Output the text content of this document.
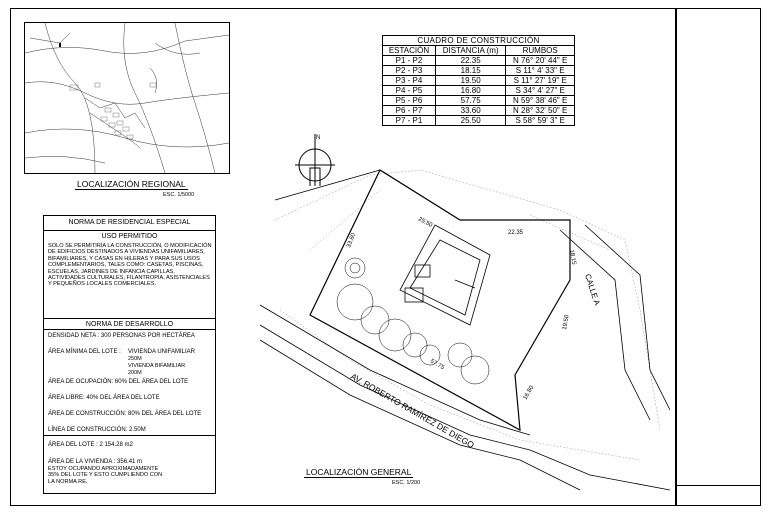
LOCALIZACIÓN REGIONAL
ESC. 1/5000
NORMA DE RESIDENCIAL ESPECIAL
USO PERMITIDO
SOLO SE PERMITIRÍA LA CONSTRUCCIÓN, O MODIFICACIÓN DE EDIFICIOS DESTINADOS A VIVIENDAS UNIFAMILIARES, BIFAMILIARES, Y CASAS EN HILERAS Y PARA SUS USOS COMPLEMENTARIOS, TALES COMO: CASETAS, PISCINAS, ESCUELAS, JARDINES DE INFANCIA CAPILLAS, ACTIVIDADES CULTURALES, FILANTROPIA, ASISTENCIALES Y PEQUEÑOS LOCALES COMERCIALES.
NORMA DE DESARROLLO
DENSIDAD NETA : 300 PERSONAS POR HECTÁREA
ÁREA MÍNIMA DEL LOTE : VIVIENDA UNIFAMILIAR
250M
VIVIENDA BIFAMILIAR
200M
ÁREA DE OCUPACIÓN: 60% DEL ÁREA DEL LOTE
ÁREA LIBRE: 40% DEL ÁREA DEL LOTE
ÁREA DE CONSTRUCCIÓN: 80% DEL ÁREA DEL LOTE
LÍNEA DE CONSTRUCCIÓN: 2.50M
ÁREA DEL LOTE : 2 154.28 m2
ÁREA DE LA VIVIENDA : 356.41 m
ESTOY OCUPANDO APROXIMADAMENTE 35% DEL LOTE Y ESTO CUMPLIENDO CON LA NORMA RE.
CUADRO DE CONSTRUCCIÓN		
ESTACIÓN	DISTANCIA (m)	RUMBOS
P1 - P2	22.35	N 76° 20' 44" E
P2 - P3	18.15	S 11° 4' 33" E
P3 - P4	19.50	S 11° 27' 19" E
P4 - P5	16.80	S 34° 4' 27" E
P5 - P6	57.75	N 59° 38' 46" E
P6 - P7	33.60	N 28° 32' 50" E
P7 - P1	25.50	S 58° 59' 3" E
N
25.50
22.35
18.15
19.50
16.80
57.75
33.60
CALLE A
AV. ROBERTO RAMÍREZ DE DIEGO
LOCALIZACIÓN GENERAL
ESC. 1/200
